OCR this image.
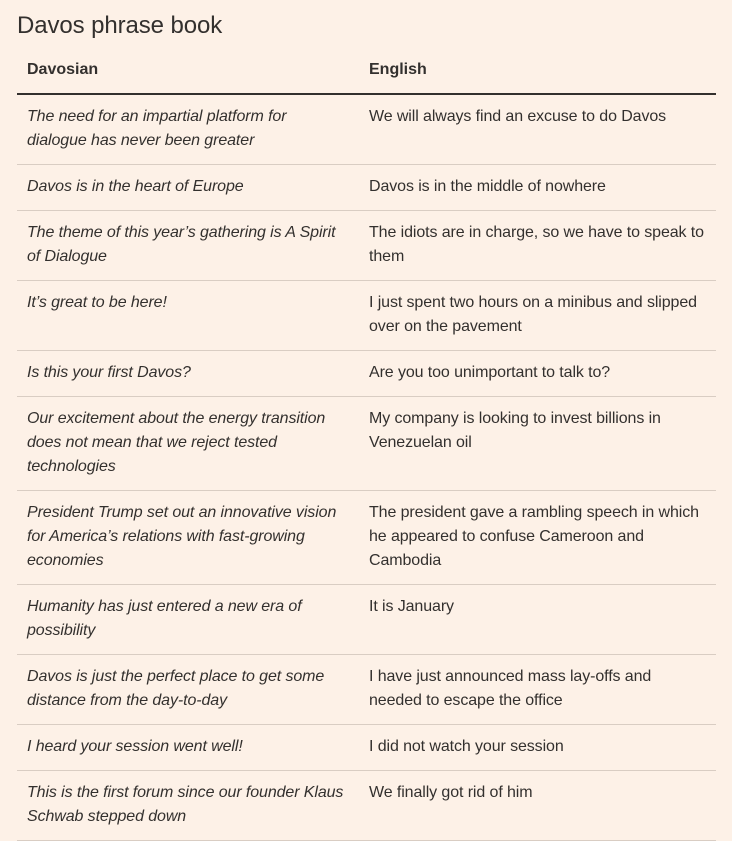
Davos phrase book
Davosian	English
The need for an impartial platform for dialogue has never been greater	We will always find an excuse to do Davos
Davos is in the heart of Europe	Davos is in the middle of nowhere
The theme of this year’s gathering is A Spirit of Dialogue	The idiots are in charge, so we have to speak to them
It’s great to be here!	I just spent two hours on a minibus and slipped over on the pavement
Is this your first Davos?	Are you too unimportant to talk to?
Our excitement about the energy transition does not mean that we reject tested technologies	My company is looking to invest billions in Venezuelan oil
President Trump set out an innovative vision for America’s relations with fast-growing economies	The president gave a rambling speech in which he appeared to confuse Cameroon and Cambodia
Humanity has just entered a new era of possibility	It is January
Davos is just the perfect place to get some distance from the day-to-day	I have just announced mass lay-offs and needed to escape the office
I heard your session went well!	I did not watch your session
This is the first forum since our founder Klaus Schwab stepped down	We finally got rid of him
